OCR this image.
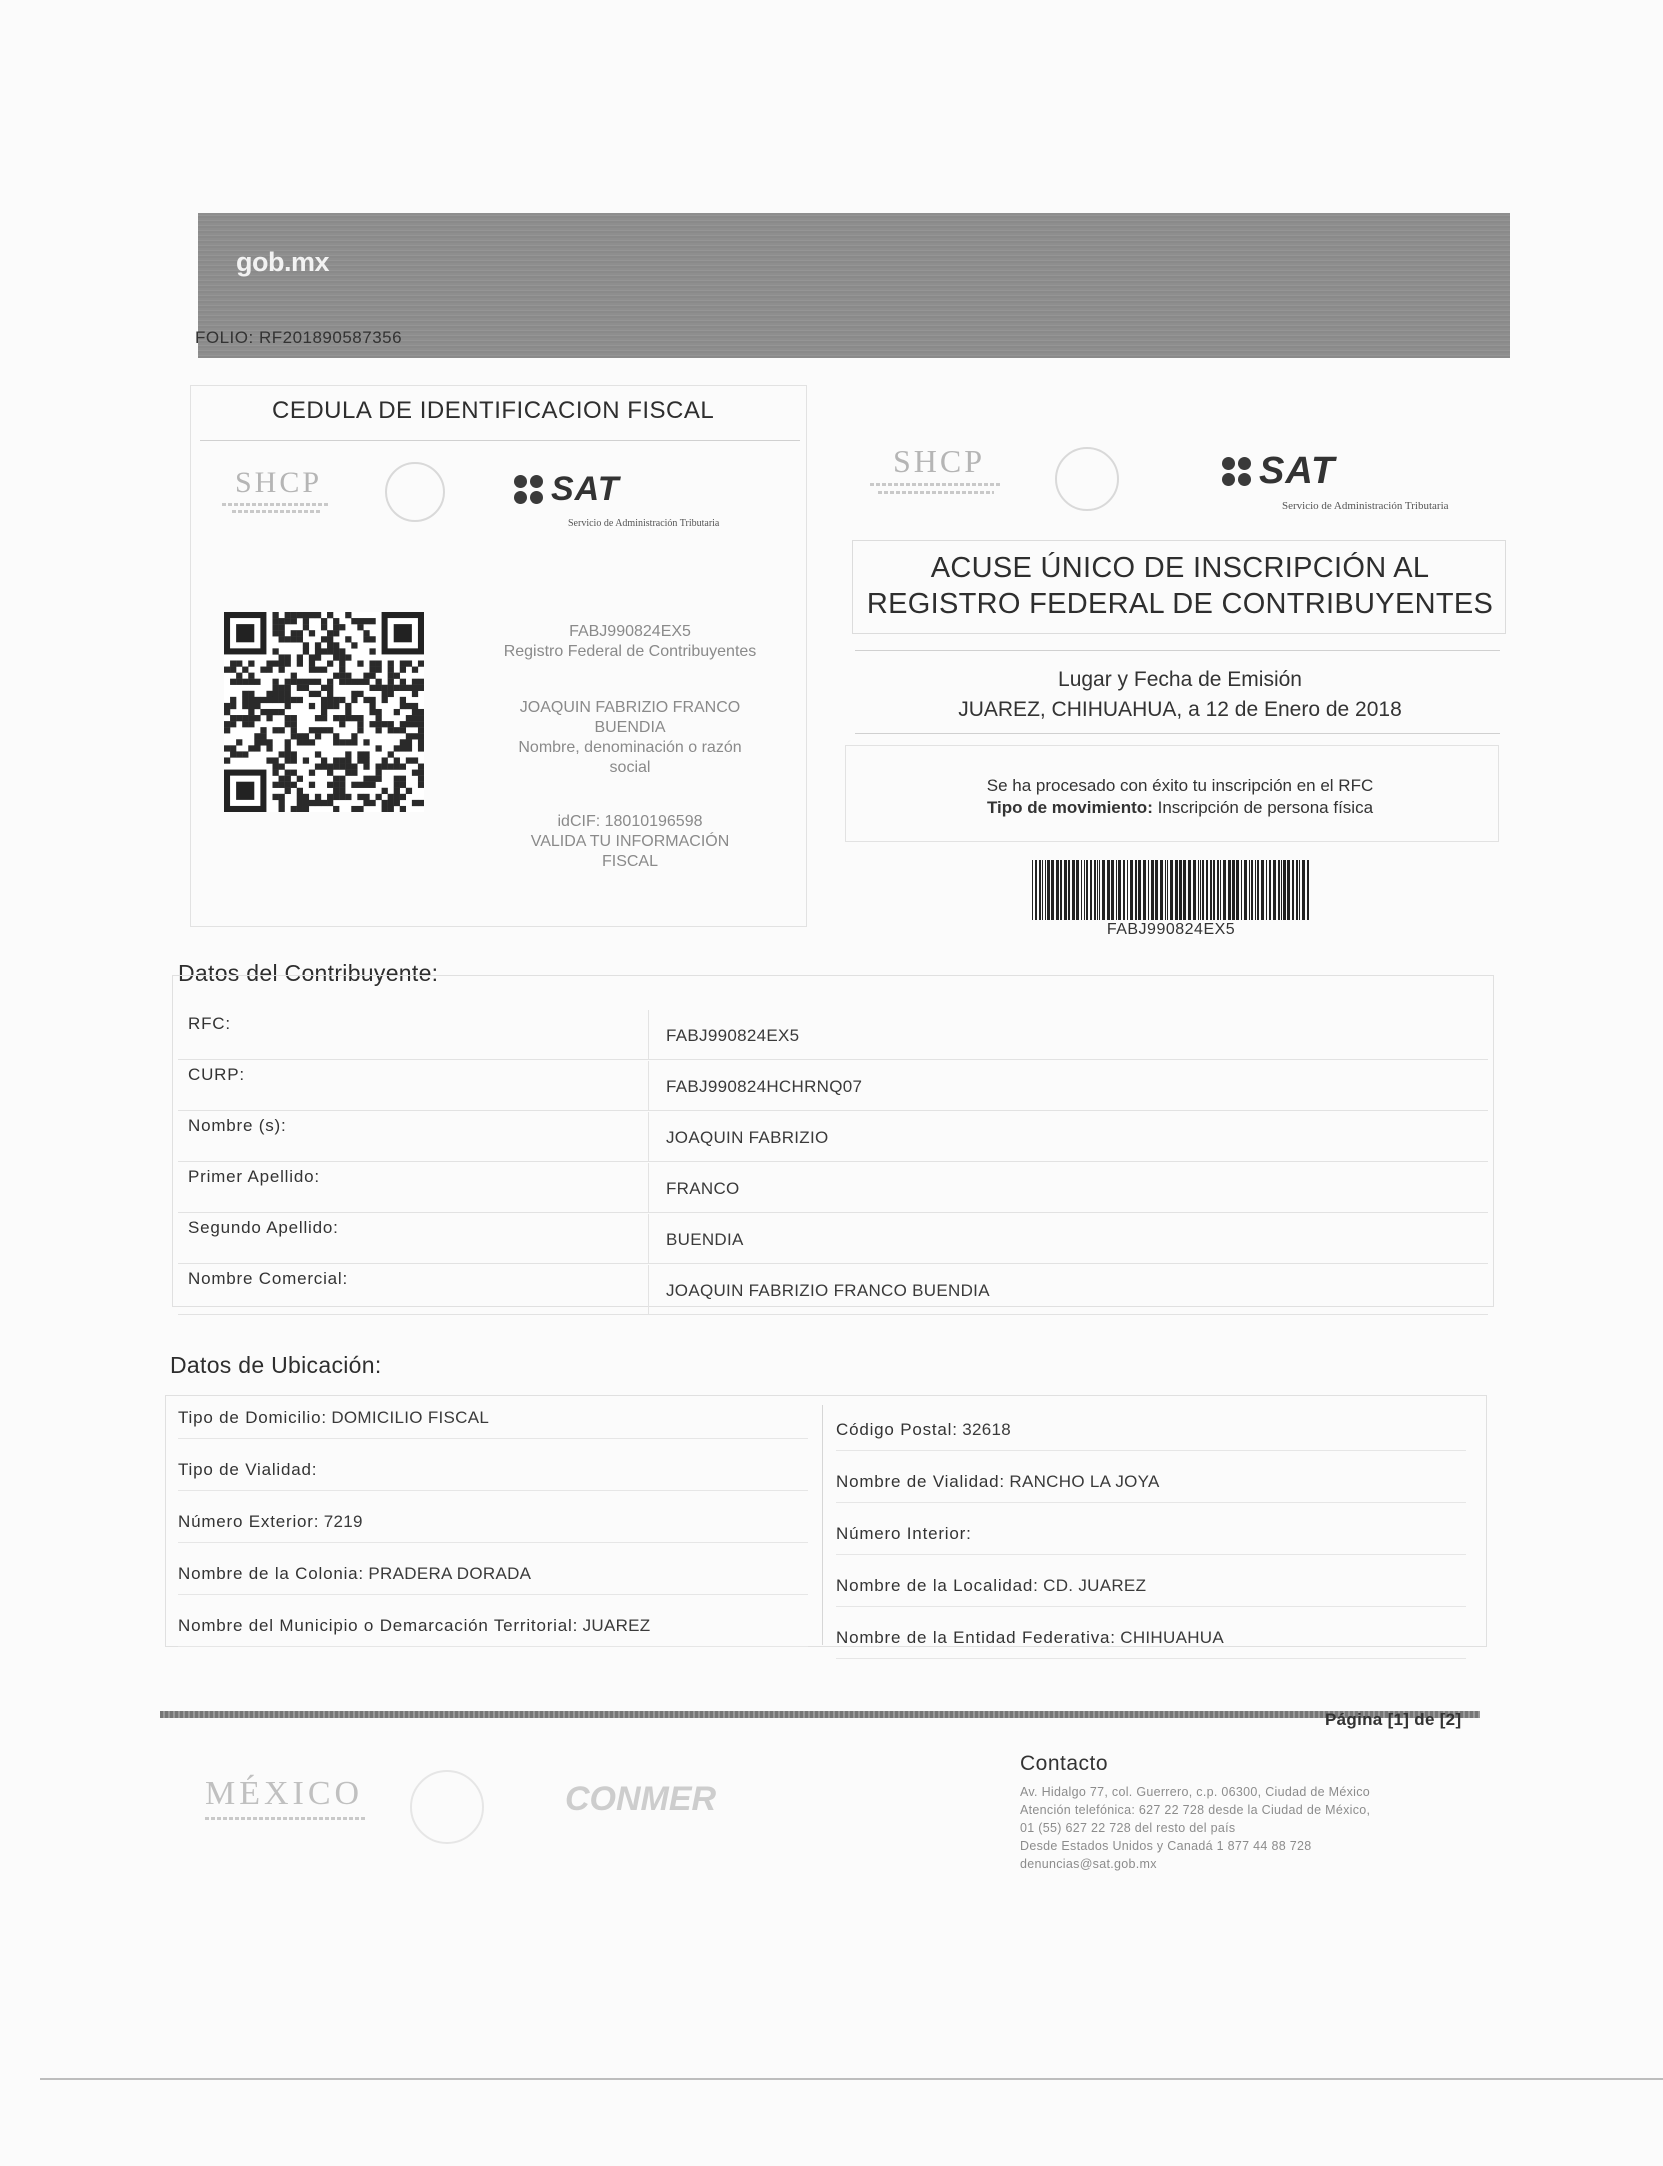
gob.mx
FOLIO: RF201890587356
CEDULA DE IDENTIFICACION FISCAL
SHCP	SAT
Servicio de Administración Tributaria
FABJ990824EX5
Registro Federal de Contribuyentes
JOAQUIN FABRIZIO FRANCO
BUENDIA
Nombre, denominación o razón
social
idCIF: 18010196598
VALIDA TU INFORMACIÓN
FISCAL
SHCP	SAT
Servicio de Administración Tributaria
ACUSE ÚNICO DE INSCRIPCIÓN AL
REGISTRO FEDERAL DE CONTRIBUYENTES
Lugar y Fecha de Emisión
JUAREZ, CHIHUAHUA, a 12 de Enero de 2018
Se ha procesado con éxito tu inscripción en el RFC
Tipo de movimiento: Inscripción de persona física
FABJ990824EX5
Datos del Contribuyente:
RFC:
FABJ990824EX5
CURP:
FABJ990824HCHRNQ07
Nombre (s):
JOAQUIN FABRIZIO
Primer Apellido:
FRANCO
Segundo Apellido:
BUENDIA
Nombre Comercial:
JOAQUIN FABRIZIO FRANCO BUENDIA
Datos de Ubicación:
Tipo de Domicilio: DOMICILIO FISCAL
Tipo de Vialidad:
Número Exterior: 7219
Nombre de la Colonia: PRADERA DORADA
Nombre del Municipio o Demarcación Territorial: JUAREZ
Código Postal: 32618
Nombre de Vialidad: RANCHO LA JOYA
Número Interior:
Nombre de la Localidad: CD. JUAREZ
Nombre de la Entidad Federativa: CHIHUAHUA
Página [1] de [2]
MÉXICO	CONMER
Contacto
Av. Hidalgo 77, col. Guerrero, c.p. 06300, Ciudad de México
Atención telefónica: 627 22 728 desde la Ciudad de México,
01 (55) 627 22 728 del resto del país
Desde Estados Unidos y Canadá 1 877 44 88 728
denuncias@sat.gob.mx
